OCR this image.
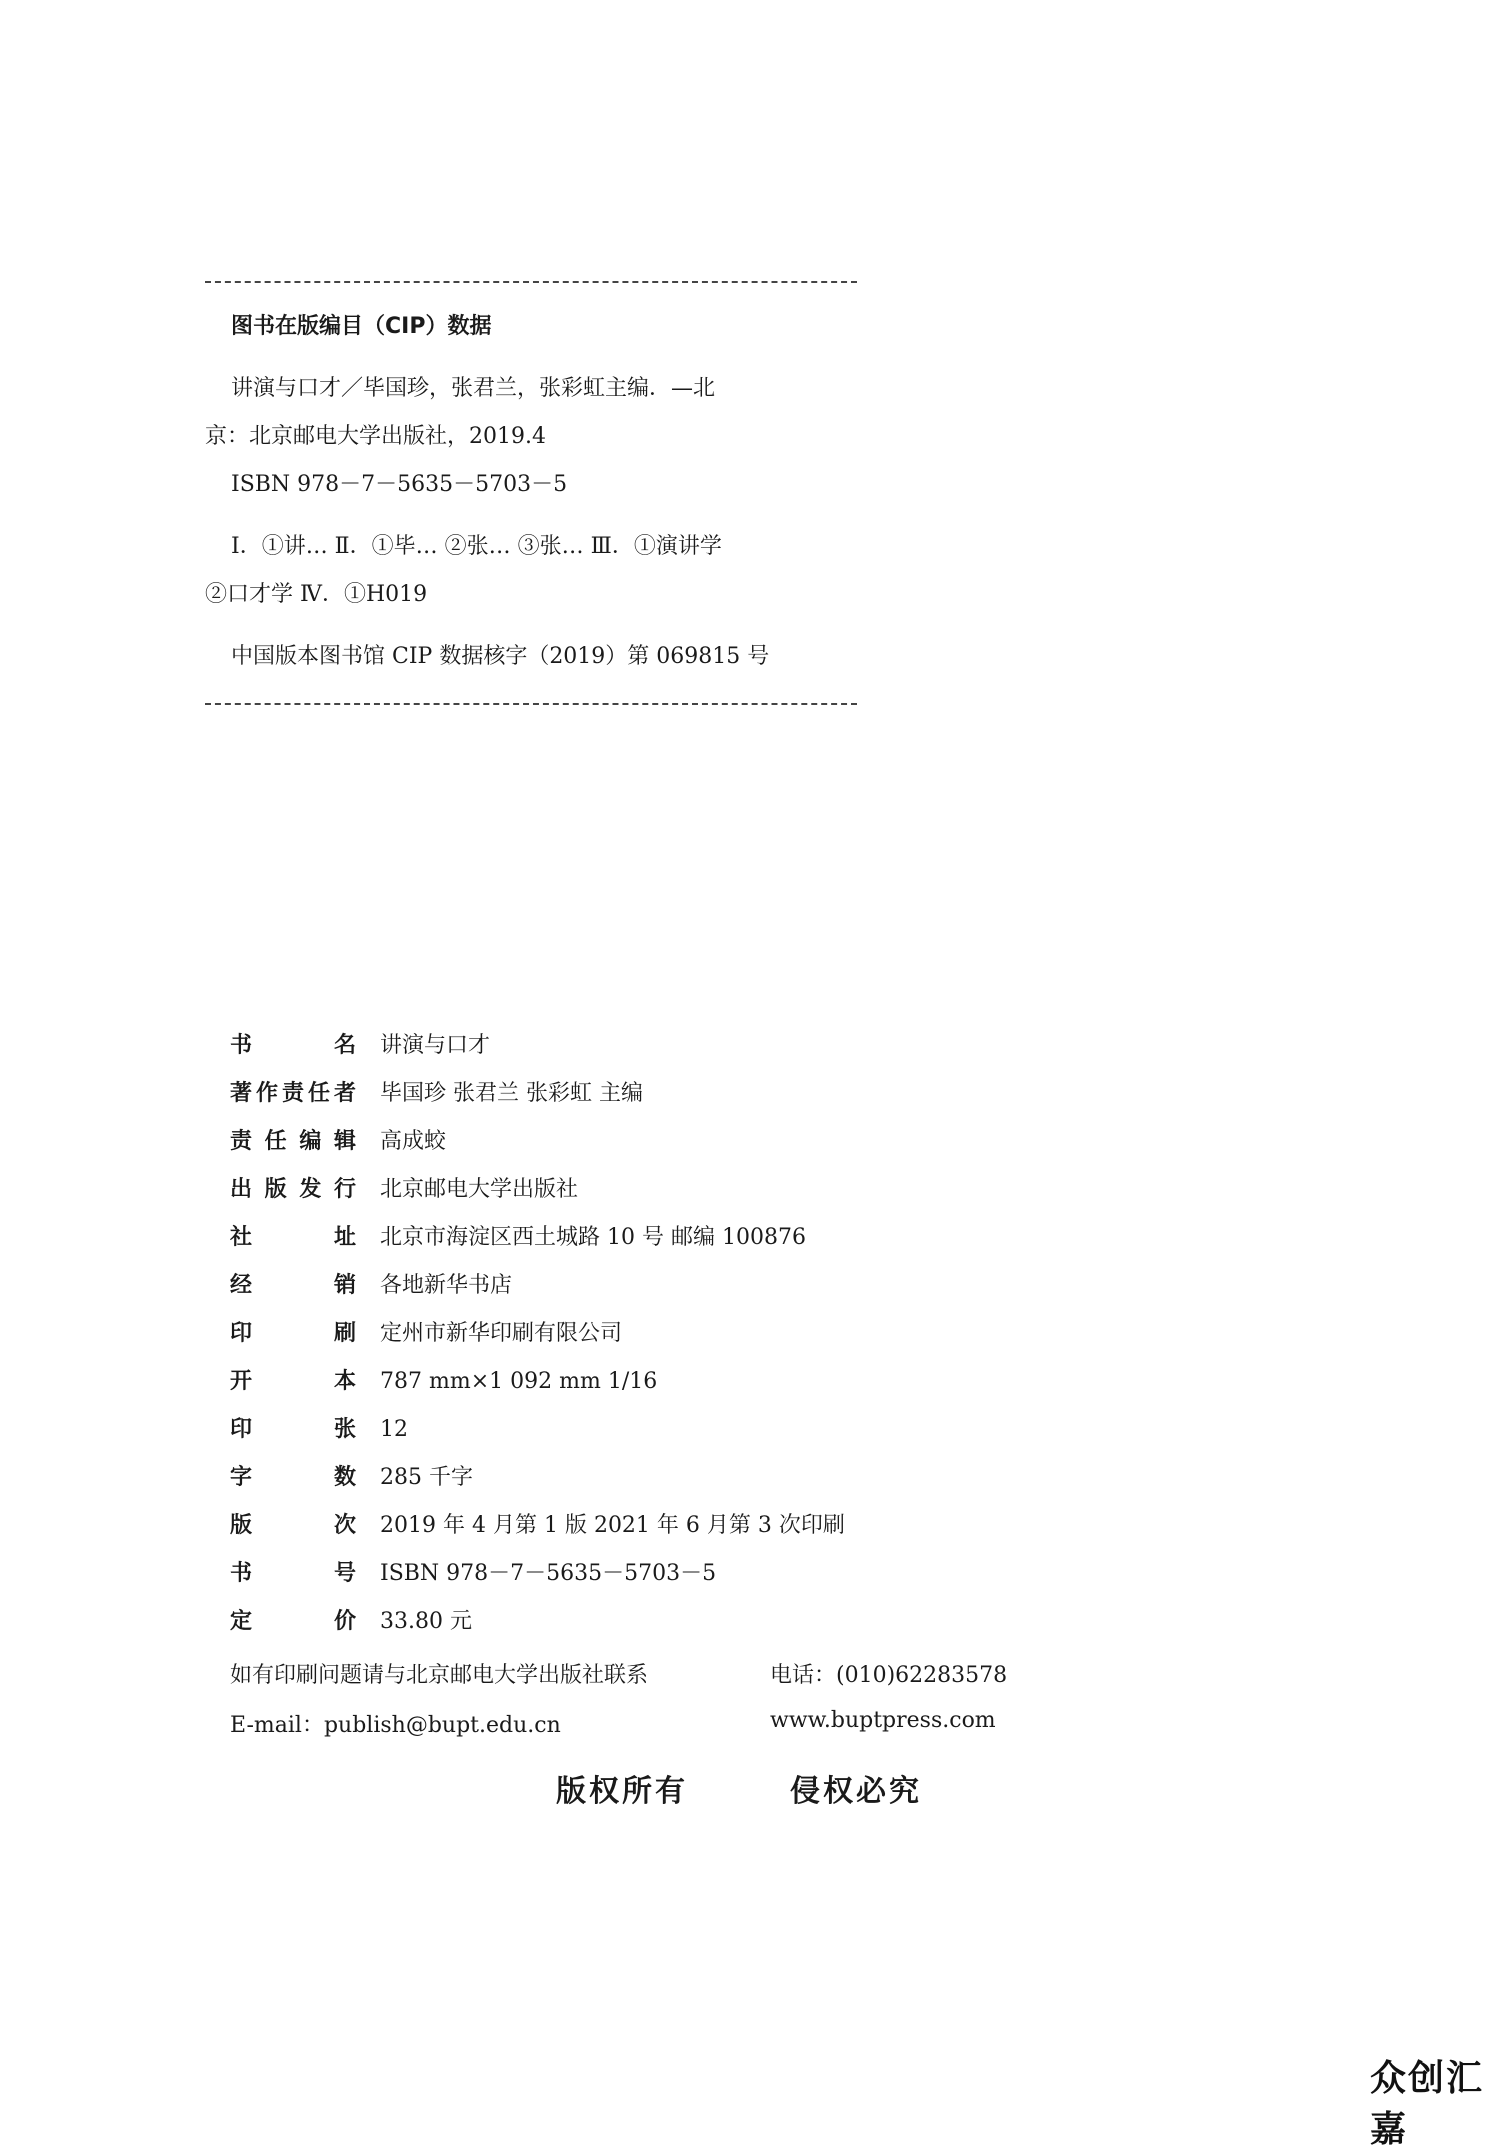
图书在版编目（CIP）数据
讲演与口才／毕国珍，张君兰，张彩虹主编．—北
京：北京邮电大学出版社，2019.4
ISBN 978－7－5635－5703－5
Ⅰ．①讲… Ⅱ．①毕… ②张… ③张… Ⅲ．①演讲学
②口才学 Ⅳ．①H019
中国版本图书馆 CIP 数据核字（2019）第 069815 号
书名 讲演与口才
著作责任者 毕国珍 张君兰 张彩虹 主编
责任编辑 高成蛟
出版发行 北京邮电大学出版社
社址 北京市海淀区西土城路 10 号 邮编 100876
经销 各地新华书店
印刷 定州市新华印刷有限公司
开本 787 mm×1 092 mm 1/16
印张 12
字数 285 千字
版次 2019 年 4 月第 1 版 2021 年 6 月第 3 次印刷
书号 ISBN 978－7－5635－5703－5
定价 33.80 元
如有印刷问题请与北京邮电大学出版社联系	电话：(010)62283578
E-mail：publish@bupt.edu.cn	www.buptpress.com
版权所有	侵权必究
众创汇嘉
